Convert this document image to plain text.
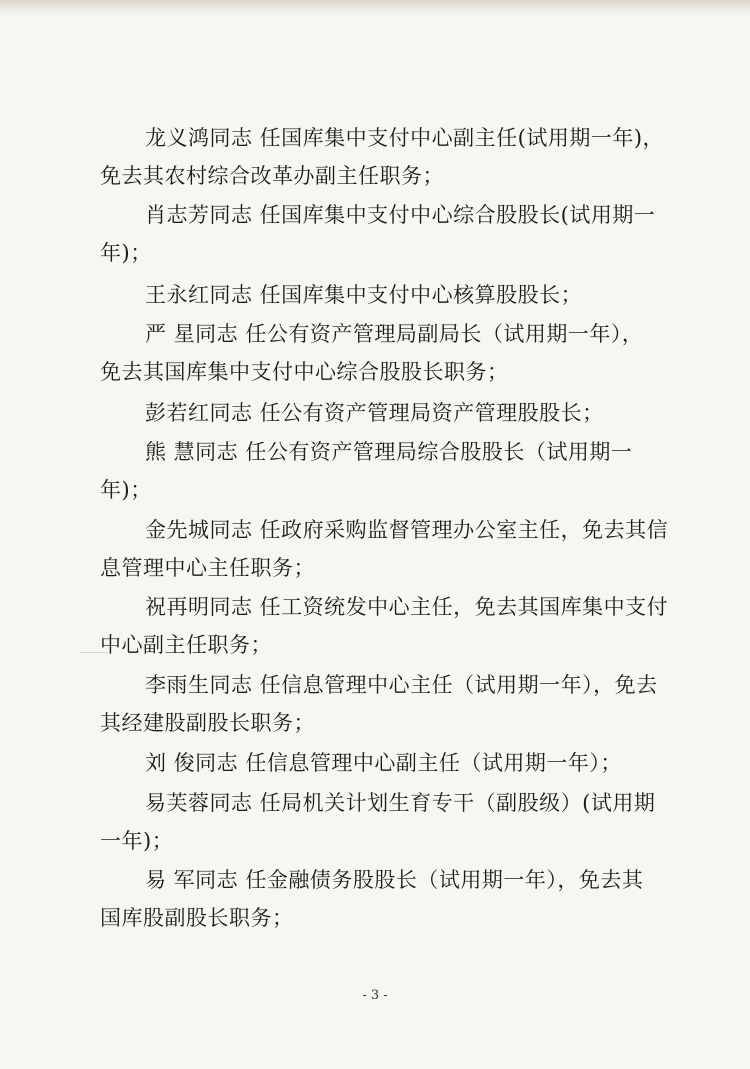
龙义鸿同志 任国库集中支付中心副主任(试用期一年)，
免去其农村综合改革办副主任职务；
肖志芳同志 任国库集中支付中心综合股股长(试用期一
年)；
王永红同志 任国库集中支付中心核算股股长；
严 星同志 任公有资产管理局副局长（试用期一年），
免去其国库集中支付中心综合股股长职务；
彭若红同志 任公有资产管理局资产管理股股长；
熊 慧同志 任公有资产管理局综合股股长（试用期一
年)；
金先城同志 任政府采购监督管理办公室主任，免去其信
息管理中心主任职务；
祝再明同志 任工资统发中心主任，免去其国库集中支付
中心副主任职务；
李雨生同志 任信息管理中心主任（试用期一年），免去
其经建股副股长职务；
刘 俊同志 任信息管理中心副主任（试用期一年）；
易芙蓉同志 任局机关计划生育专干（副股级）(试用期
一年)；
易 军同志 任金融债务股股长（试用期一年），免去其
国库股副股长职务；
- 3 -
